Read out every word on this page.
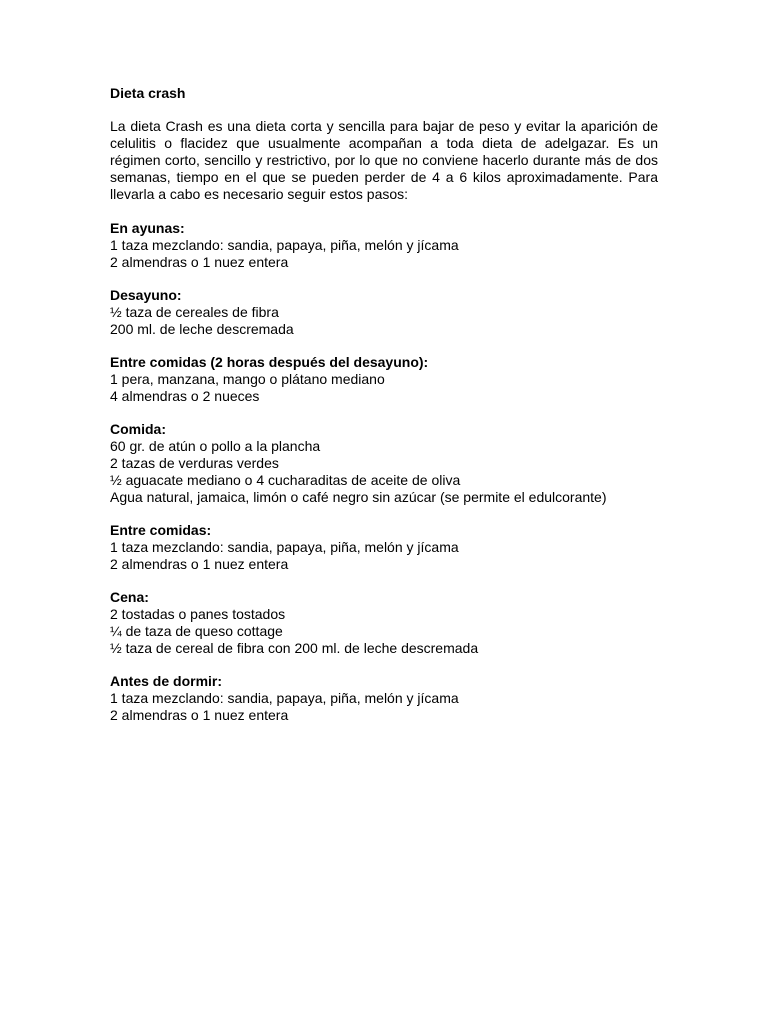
Dieta crash
La dieta Crash es una dieta corta y sencilla para bajar de peso y evitar la aparición de celulitis o flacidez que usualmente acompañan a toda dieta de adelgazar. Es un régimen corto, sencillo y restrictivo, por lo que no conviene hacerlo durante más de dos semanas, tiempo en el que se pueden perder de 4 a 6 kilos aproximadamente. Para llevarla a cabo es necesario seguir estos pasos:
En ayunas:
1 taza mezclando: sandia, papaya, piña, melón y jícama
2 almendras o 1 nuez entera
Desayuno:
½ taza de cereales de fibra
200 ml. de leche descremada
Entre comidas (2 horas después del desayuno):
1 pera, manzana, mango o plátano mediano
4 almendras o 2 nueces
Comida:
60 gr. de atún o pollo a la plancha
2 tazas de verduras verdes
½ aguacate mediano o 4 cucharaditas de aceite de oliva
Agua natural, jamaica, limón o café negro sin azúcar (se permite el edulcorante)
Entre comidas:
1 taza mezclando: sandia, papaya, piña, melón y jícama
2 almendras o 1 nuez entera
Cena:
2 tostadas o panes tostados
¼ de taza de queso cottage
½ taza de cereal de fibra con 200 ml. de leche descremada
Antes de dormir:
1 taza mezclando: sandia, papaya, piña, melón y jícama
2 almendras o 1 nuez entera
